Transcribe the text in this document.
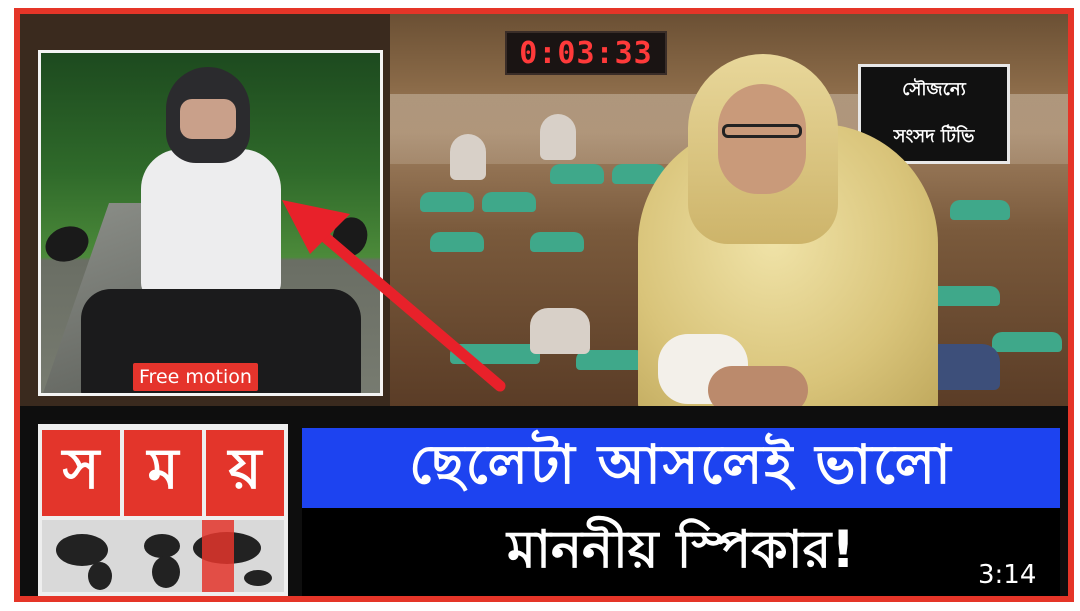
0:03:33
সৌজন্যে
সংসদ টিভি
Free motion
স ম য়	ছেলেটা আসলেই ভালো
মাননীয় স্পিকার!	3:14
